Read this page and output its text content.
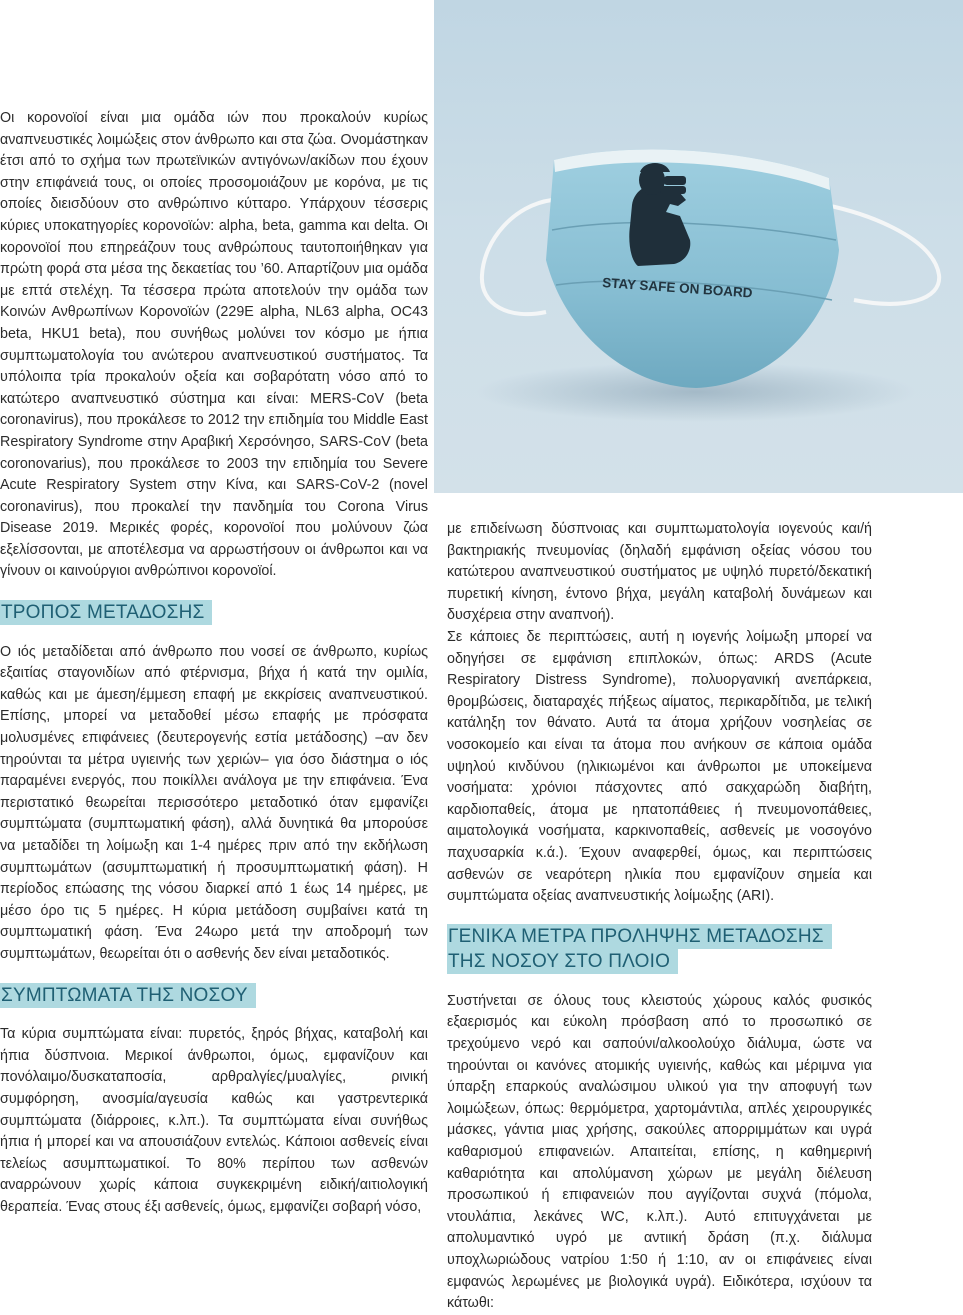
STAY SAFE ON BOARD

Οι κορονοϊοί είναι μια ομάδα ιών που προκαλούν κυρίως αναπνευστικές λοιμώξεις στον άνθρωπο και στα ζώα. Ονομάστηκαν έτσι από το σχήμα των πρωτεϊνικών αντιγόνων/ακίδων που έχουν στην επιφάνειά τους, οι οποίες προσομοιάζουν με κορόνα, με τις οποίες διεισδύουν στο ανθρώπινο κύτταρο. Υπάρχουν τέσσερις κύριες υποκατηγορίες κορονοϊών: alpha, beta, gamma και delta. Οι κορονοϊοί που επηρεάζουν τους ανθρώπους ταυτοποιήθηκαν για πρώτη φορά στα μέσα της δεκαετίας του ’60. Απαρτίζουν μια ομάδα με επτά στελέχη. Τα τέσσερα πρώτα αποτελούν την ομάδα των Κοινών Ανθρωπίνων Κορονοϊών (229E alpha, NL63 alpha, OC43 beta, HKU1 beta), που συνήθως μολύνει τον κόσμο με ήπια συμπτωματολογία του ανώτερου αναπνευστικού συστήματος. Τα υπόλοιπα τρία προκαλούν οξεία και σοβαρότατη νόσο από το κατώτερο αναπνευστικό σύστημα και είναι: MERS-CoV (beta coronavirus), που προκάλεσε το 2012 την επιδημία του Middle East Respiratory Syndrome στην Αραβική Χερσόνησο, SARS-CoV (beta coronovarius), που προκάλεσε το 2003 την επιδημία του Severe Acute Respiratory System στην Κίνα, και SARS-CoV-2 (novel coronavirus), που προκαλεί την πανδημία του Corona Virus Disease 2019. Μερικές φορές, κορονοϊοί που μολύνουν ζώα εξελίσσονται, με αποτέλεσμα να αρρωστήσουν οι άνθρωποι και να γίνουν οι καινούργιοι ανθρώπινοι κορονοϊοί.

ΤΡΟΠΟΣ ΜΕΤΑΔΟΣΗΣ

Ο ιός μεταδίδεται από άνθρωπο που νοσεί σε άνθρωπο, κυρίως εξαιτίας σταγονιδίων από φτέρνισμα, βήχα ή κατά την ομιλία, καθώς και με άμεση/έμμεση επαφή με εκκρίσεις αναπνευστικού. Επίσης, μπορεί να μεταδοθεί μέσω επαφής με πρόσφατα μολυσμένες επιφάνειες (δευτερογενής εστία μετάδοσης) –αν δεν τηρούνται τα μέτρα υγιεινής των χεριών– για όσο διάστημα ο ιός παραμένει ενεργός, που ποικίλλει ανάλογα με την επιφάνεια. Ένα περιστατικό θεωρείται περισσότερο μεταδοτικό όταν εμφανίζει συμπτώματα (συμπτωματική φάση), αλλά δυνητικά θα μπορούσε να μεταδίδει τη λοίμωξη και 1-4 ημέρες πριν από την εκδήλωση συμπτωμάτων (ασυμπτωματική ή προσυμπτωματική φάση). Η περίοδος επώασης της νόσου διαρκεί από 1 έως 14 ημέρες, με μέσο όρο τις 5 ημέρες. Η κύρια μετάδοση συμβαίνει κατά τη συμπτωματική φάση. Ένα 24ωρο μετά την αποδρομή των συμπτωμάτων, θεωρείται ότι ο ασθενής δεν είναι μεταδοτικός.

ΣΥΜΠΤΩΜΑΤΑ ΤΗΣ ΝΟΣΟΥ

Τα κύρια συμπτώματα είναι: πυρετός, ξηρός βήχας, καταβολή και ήπια δύσπνοια. Μερικοί άνθρωποι, όμως, εμφανίζουν και πονόλαιμο/δυσκαταποσία, αρθραλγίες/μυαλγίες, ρινική συμφόρηση, ανοσμία/αγευσία καθώς και γαστρεντερικά συμπτώματα (διάρροιες, κ.λπ.). Τα συμπτώματα είναι συνήθως ήπια ή μπορεί και να απουσιάζουν εντελώς. Κάποιοι ασθενείς είναι τελείως ασυμπτωματικοί. Το 80% περίπου των ασθενών αναρρώνουν χωρίς κάποια συγκεκριμένη ειδική/αιτιολογική θεραπεία. Ένας στους έξι ασθενείς, όμως, εμφανίζει σοβαρή νόσο,

με επιδείνωση δύσπνοιας και συμπτωματολογία ιογενούς και/ή βακτηριακής πνευμονίας (δηλαδή εμφάνιση οξείας νόσου του κατώτερου αναπνευστικού συστήματος με υψηλό πυρετό/δεκατική πυρετική κίνηση, έντονο βήχα, μεγάλη καταβολή δυνάμεων και δυσχέρεια στην αναπνοή).

Σε κάποιες δε περιπτώσεις, αυτή η ιογενής λοίμωξη μπορεί να οδηγήσει σε εμφάνιση επιπλοκών, όπως: ARDS (Acute Respiratory Distress Syndrome), πολυοργανική ανεπάρκεια, θρομβώσεις, διαταραχές πήξεως αίματος, περικαρδίτιδα, με τελική κατάληξη τον θάνατο. Αυτά τα άτομα χρήζουν νοσηλείας σε νοσοκομείο και είναι τα άτομα που ανήκουν σε κάποια ομάδα υψηλού κινδύνου (ηλικιωμένοι και άνθρωποι με υποκείμενα νοσήματα: χρόνιοι πάσχοντες από σακχαρώδη διαβήτη, καρδιοπαθείς, άτομα με ηπατοπάθειες ή πνευμονοπάθειες, αιματολογικά νοσήματα, καρκινοπαθείς, ασθενείς με νοσογόνο παχυσαρκία κ.ά.). Έχουν αναφερθεί, όμως, και περιπτώσεις ασθενών σε νεαρότερη ηλικία που εμφανίζουν σημεία και συμπτώματα οξείας αναπνευστικής λοίμωξης (ARI).

ΓΕΝΙΚΑ ΜΕΤΡΑ ΠΡΟΛΗΨΗΣ ΜΕΤΑΔΟΣΗΣ
ΤΗΣ ΝΟΣΟΥ ΣΤΟ ΠΛΟΙΟ

Συστήνεται σε όλους τους κλειστούς χώρους καλός φυσικός εξαερισμός και εύκολη πρόσβαση από το προσωπικό σε τρεχούμενο νερό και σαπούνι/αλκοολούχο διάλυμα, ώστε να τηρούνται οι κανόνες ατομικής υγιεινής, καθώς και μέριμνα για ύπαρξη επαρκούς αναλώσιμου υλικού για την αποφυγή των λοιμώξεων, όπως: θερμόμετρα, χαρτομάντιλα, απλές χειρουργικές μάσκες, γάντια μιας χρήσης, σακούλες απορριμμάτων και υγρά καθαρισμού επιφανειών. Απαιτείται, επίσης, η καθημερινή καθαριότητα και απολύμανση χώρων με μεγάλη διέλευση προσωπικού ή επιφανειών που αγγίζονται συχνά (πόμολα, ντουλάπια, λεκάνες WC, κ.λπ.). Αυτό επιτυγχάνεται με απολυμαντικό υγρό με αντιική δράση (π.χ. διάλυμα υποχλωριώδους νατρίου 1:50 ή 1:10, αν οι επιφάνειες είναι εμφανώς λερωμένες με βιολογικά υγρά). Ειδικότερα, ισχύουν τα κάτωθι:
